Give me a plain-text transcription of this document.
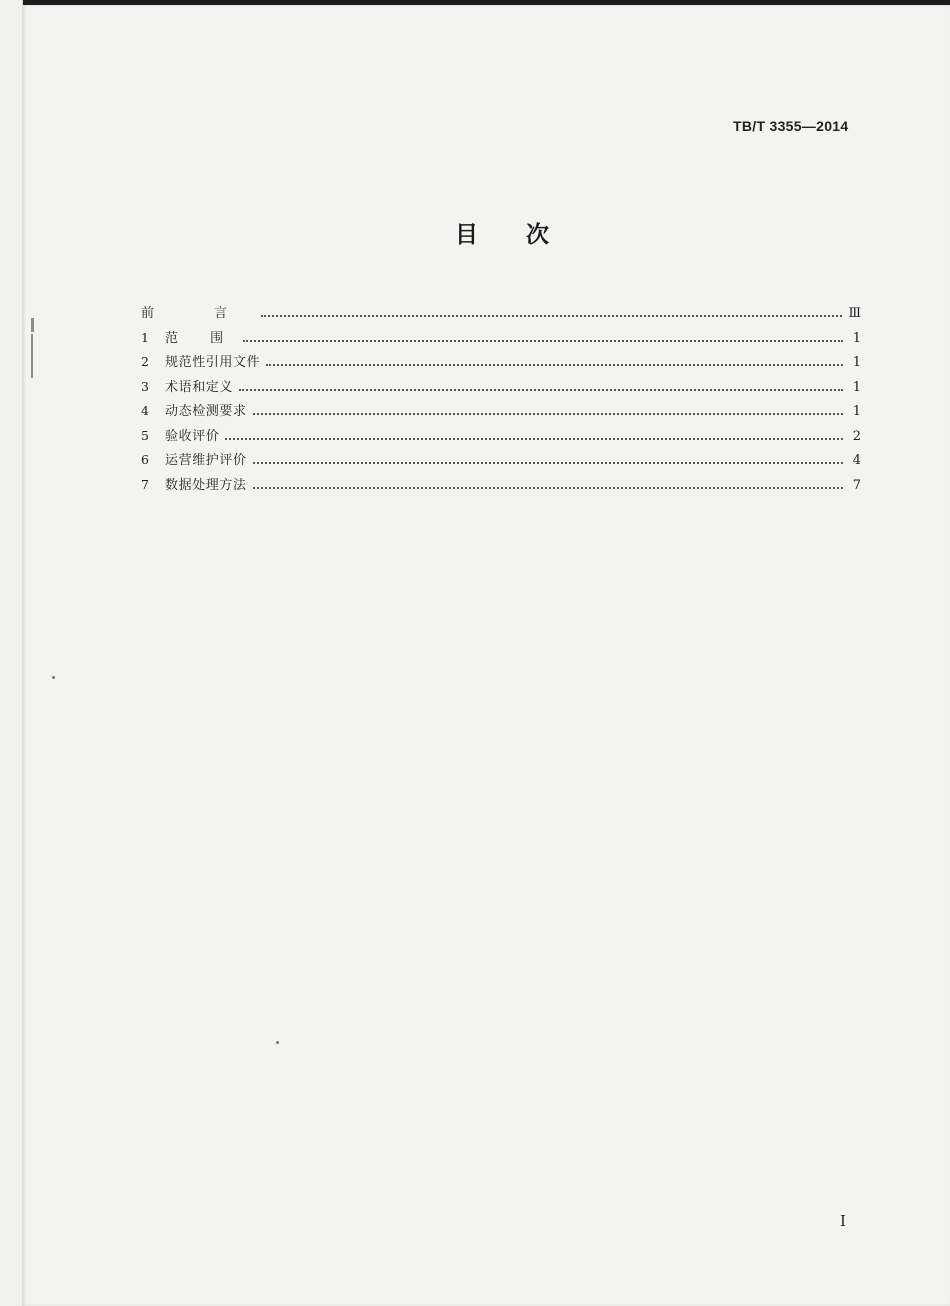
TB/T 3355—2014
目次
前 言	Ⅲ
1	范 围	1
2	规范性引用文件	1
3	术语和定义	1
4	动态检测要求	1
5	验收评价	2
6	运营维护评价	4
7	数据处理方法	7
I
